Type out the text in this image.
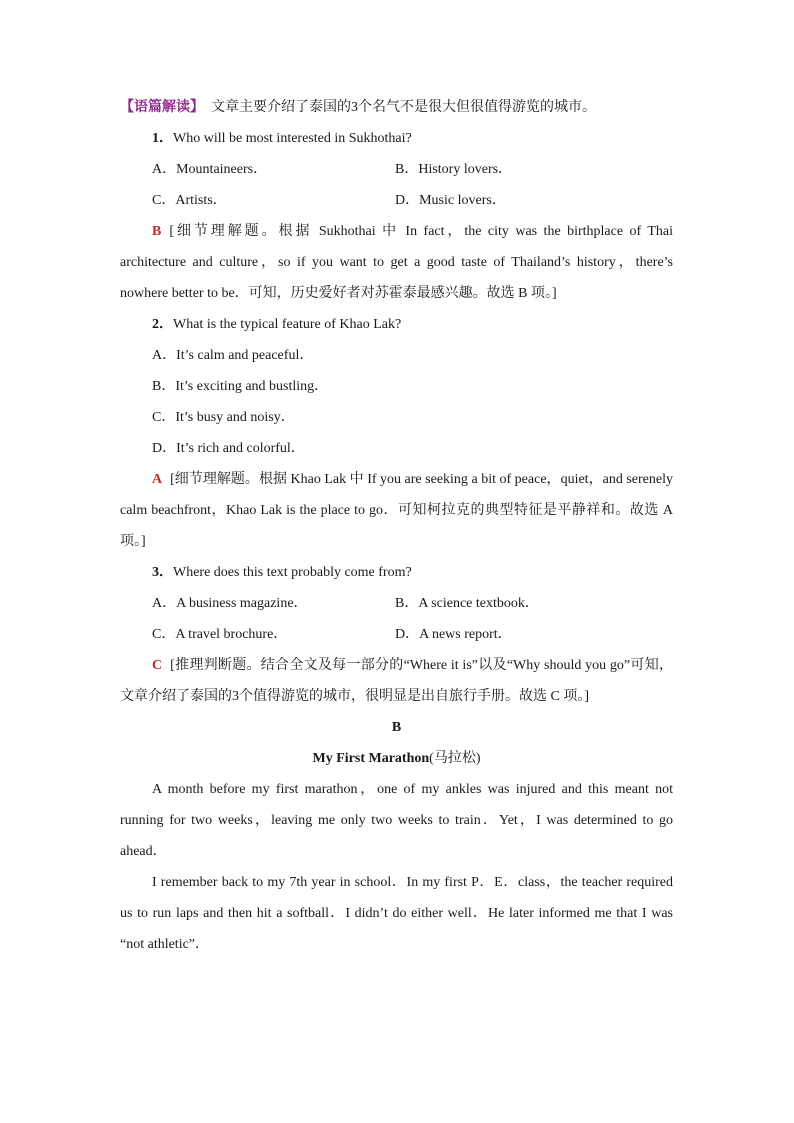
【语篇解读】　文章主要介绍了泰国的3个名气不是很大但很值得游览的城市。
1．Who will be most interested in Sukhothai?
A．Mountaineers．	B．History lovers．
C．Artists．	D．Music lovers．
B [细节理解题。根据 Sukhothai 中 In fact，the city was the birthplace of Thai architecture and culture，so if you want to get a good taste of Thailand’s history，there’s nowhere better to be．可知，历史爱好者对苏霍泰最感兴趣。故选 B 项。]
2．What is the typical feature of Khao Lak?
A．It’s calm and peaceful．
B．It’s exciting and bustling．
C．It’s busy and noisy．
D．It’s rich and colorful．
A [细节理解题。根据 Khao Lak 中 If you are seeking a bit of peace，quiet，and serenely calm beachfront，Khao Lak is the place to go．可知柯拉克的典型特征是平静祥和。故选 A 项。]
3．Where does this text probably come from?
A．A business magazine．	B．A science textbook．
C．A travel brochure．	D．A news report．
C [推理判断题。结合全文及每一部分的“Where it is”以及“Why should you go”可知，文章介绍了泰国的3个值得游览的城市，很明显是出自旅行手册。故选 C 项。]
B
My First Marathon(马拉松)
A month before my first marathon，one of my ankles was injured and this meant not running for two weeks，leaving me only two weeks to train．Yet，I was determined to go ahead．
I remember back to my 7th year in school．In my first P．E．class，the teacher required us to run laps and then hit a softball．I didn’t do either well．He later informed me that I was “not athletic”．
